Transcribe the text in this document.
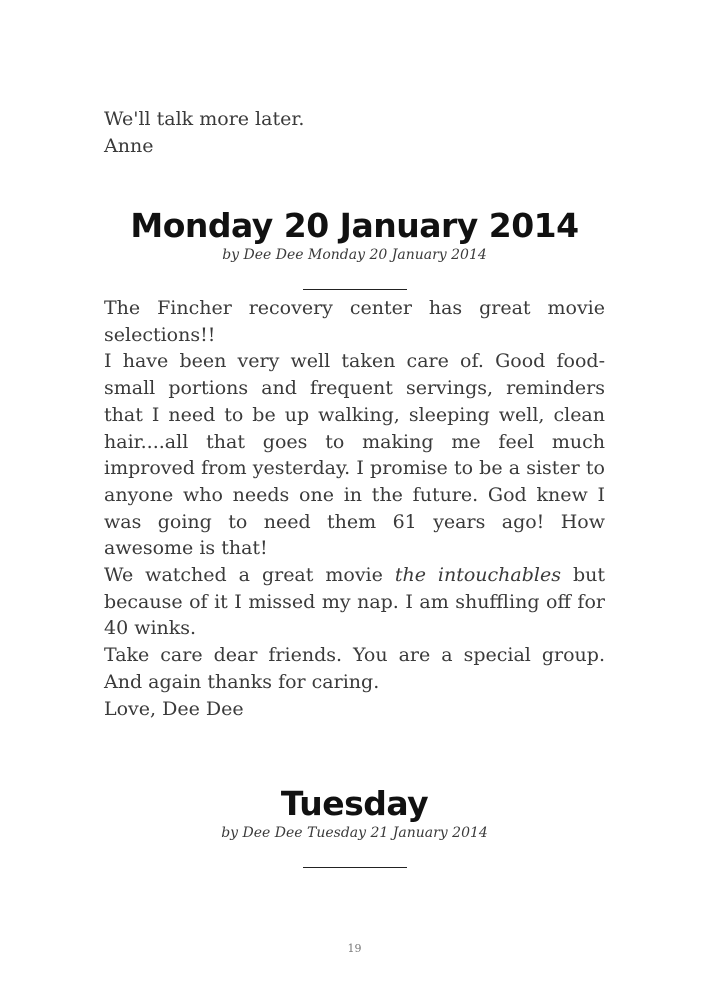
We'll talk more later.

Anne

Monday 20 January 2014

by Dee Dee Monday 20 January 2014

The Fincher recovery center has great movie selections!!

I have been very well taken care of. Good food- small portions and frequent servings, reminders that I need to be up walking, sleeping well, clean hair....all that goes to making me feel much improved from yesterday. I promise to be a sister to anyone who needs one in the future. God knew I was going to need them 61 years ago! How awesome is that!

We watched a great movie the intouchables but because of it I missed my nap. I am shuffling off for 40 winks.

Take care dear friends. You are a special group. And again thanks for caring.

Love, Dee Dee

Tuesday

by Dee Dee Tuesday 21 January 2014

19
